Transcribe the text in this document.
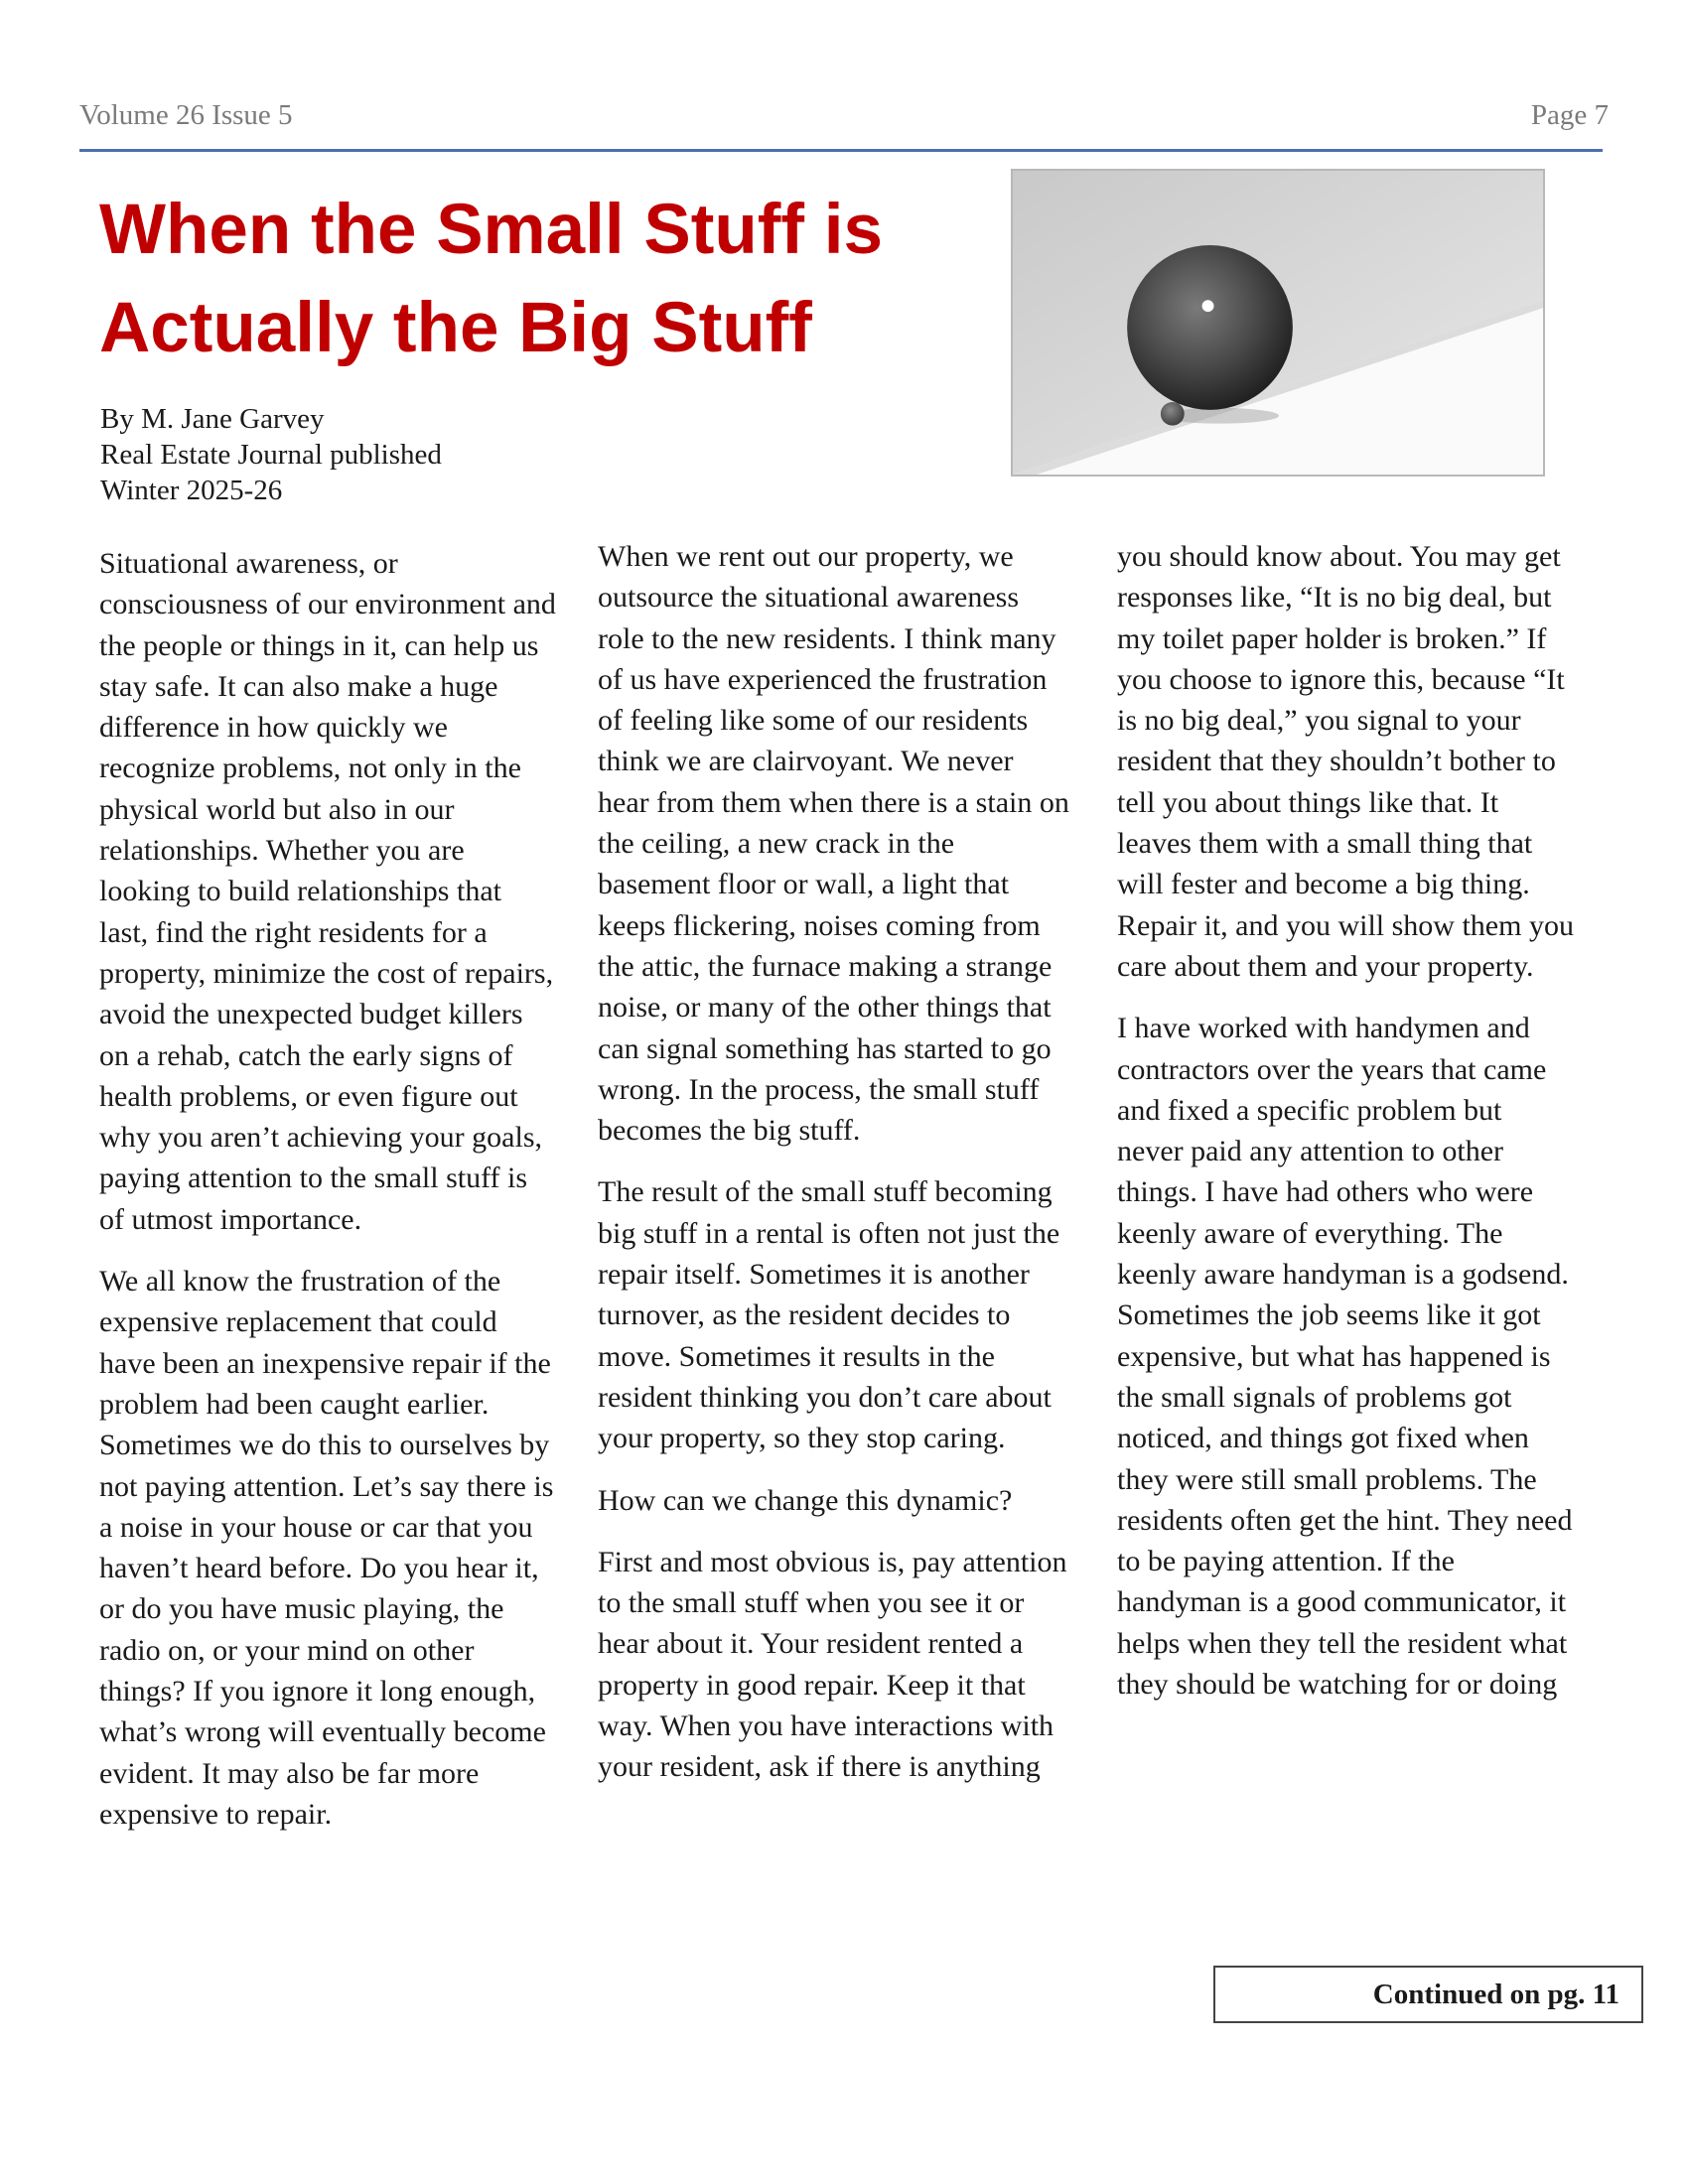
Volume 26 Issue 5	Page 7
When the Small Stuff is
Actually the Big Stuff
By M. Jane Garvey
Real Estate Journal published
Winter 2025-26

Situational awareness, or consciousness of our environment and the people or things in it, can help us stay safe. It can also make a huge difference in how quickly we recognize problems, not only in the physical world but also in our relationships. Whether you are looking to build relationships that last, find the right residents for a property, minimize the cost of repairs, avoid the unexpected budget killers on a rehab, catch the early signs of health problems, or even figure out why you aren’t achieving your goals, paying attention to the small stuff is of utmost importance.

We all know the frustration of the expensive replacement that could have been an inexpensive repair if the problem had been caught earlier. Sometimes we do this to ourselves by not paying attention. Let’s say there is a noise in your house or car that you haven’t heard before. Do you hear it, or do you have music playing, the radio on, or your mind on other things? If you ignore it long enough, what’s wrong will eventually become evident. It may also be far more expensive to repair.

When we rent out our property, we outsource the situational awareness role to the new residents. I think many of us have experienced the frustration of feeling like some of our residents think we are clairvoyant. We never hear from them when there is a stain on the ceiling, a new crack in the basement floor or wall, a light that keeps flickering, noises coming from the attic, the furnace making a strange noise, or many of the other things that can signal something has started to go wrong. In the process, the small stuff becomes the big stuff.

The result of the small stuff becoming big stuff in a rental is often not just the repair itself. Sometimes it is another turnover, as the resident decides to move. Sometimes it results in the resident thinking you don’t care about your property, so they stop caring.

How can we change this dynamic?

First and most obvious is, pay attention to the small stuff when you see it or hear about it. Your resident rented a property in good repair. Keep it that way. When you have interactions with your resident, ask if there is anything

you should know about. You may get responses like, “It is no big deal, but my toilet paper holder is broken.” If you choose to ignore this, because “It is no big deal,” you signal to your resident that they shouldn’t bother to tell you about things like that. It leaves them with a small thing that will fester and become a big thing. Repair it, and you will show them you care about them and your property.

I have worked with handymen and contractors over the years that came and fixed a specific problem but never paid any attention to other things. I have had others who were keenly aware of everything. The keenly aware handyman is a godsend. Sometimes the job seems like it got expensive, but what has happened is the small signals of problems got noticed, and things got fixed when they were still small problems. The residents often get the hint. They need to be paying attention. If the handyman is a good communicator, it helps when they tell the resident what they should be watching for or doing

Continued on pg. 11
